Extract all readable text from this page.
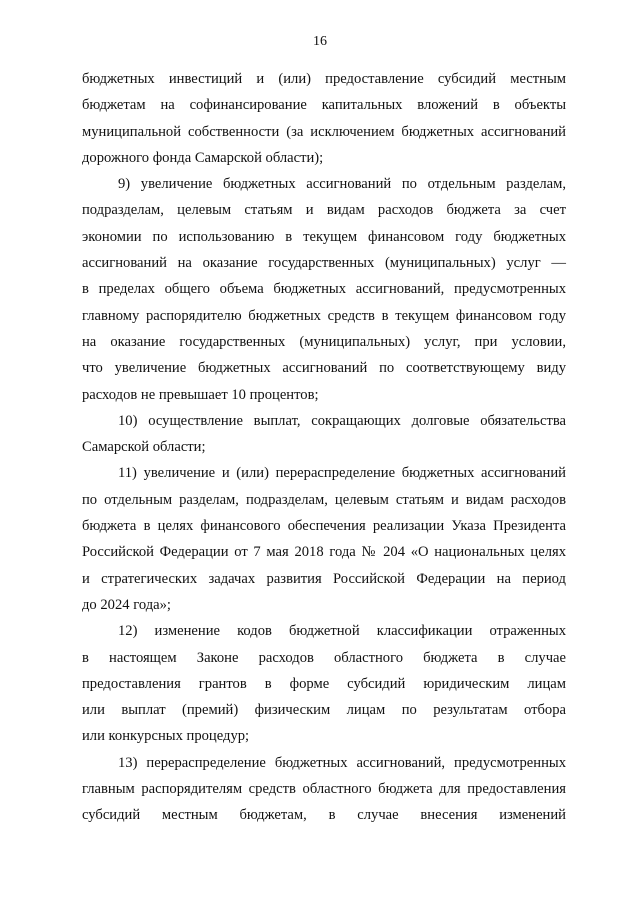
16
бюджетных инвестиций и (или) предоставление субсидий местным
бюджетам на софинансирование капитальных вложений в объекты
муниципальной собственности (за исключением бюджетных ассигнований
дорожного фонда Самарской области);
9) увеличение бюджетных ассигнований по отдельным разделам,
подразделам, целевым статьям и видам расходов бюджета за счет
экономии по использованию в текущем финансовом году бюджетных
ассигнований на оказание государственных (муниципальных) услуг —
в пределах общего объема бюджетных ассигнований, предусмотренных
главному распорядителю бюджетных средств в текущем финансовом году
на оказание государственных (муниципальных) услуг, при условии,
что увеличение бюджетных ассигнований по соответствующему виду
расходов не превышает 10 процентов;
10) осуществление выплат, сокращающих долговые обязательства
Самарской области;
11) увеличение и (или) перераспределение бюджетных ассигнований
по отдельным разделам, подразделам, целевым статьям и видам расходов
бюджета в целях финансового обеспечения реализации Указа Президента
Российской Федерации от 7 мая 2018 года № 204 «О национальных целях
и стратегических задачах развития Российской Федерации на период
до 2024 года»;
12) изменение кодов бюджетной классификации отраженных
в настоящем Законе расходов областного бюджета в случае
предоставления грантов в форме субсидий юридическим лицам
или выплат (премий) физическим лицам по результатам отбора
или конкурсных процедур;
13) перераспределение бюджетных ассигнований, предусмотренных
главным распорядителям средств областного бюджета для предоставления
субсидий местным бюджетам, в случае внесения изменений
